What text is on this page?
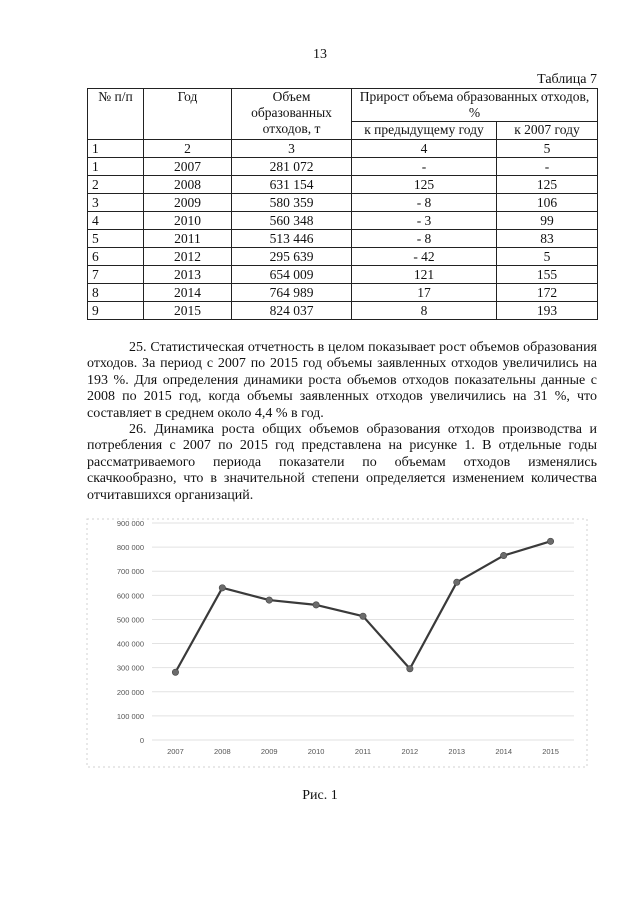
13
Таблица 7
№ п/п	Год	Объем образованных отходов, т	Прирост объема образованных отходов, %	
			к предыдущему году	к 2007 году
1	2	3	4	5
1	2007	281 072	-	-
2	2008	631 154	125	125
3	2009	580 359	- 8	106
4	2010	560 348	- 3	99
5	2011	513 446	- 8	83
6	2012	295 639	- 42	5
7	2013	654 009	121	155
8	2014	764 989	17	172
9	2015	824 037	8	193

25. Статистическая отчетность в целом показывает рост объемов образования отходов. За период с 2007 по 2015 год объемы заявленных отходов увеличились на 193 %. Для определения динамики роста объемов отходов показательны данные с 2008 по 2015 год, когда объемы заявленных отходов увеличились на 31 %, что составляет в среднем около 4,4 % в год.

26. Динамика роста общих объемов образования отходов производства и потребления с 2007 по 2015 год представлена на рисунке 1. В отдельные годы рассматриваемого периода показатели по объемам отходов изменялись скачкообразно, что в значительной степени определяется изменением количества отчитавшихся организаций.

0
100 000
200 000
300 000
400 000
500 000
600 000
700 000
800 000
900 000
2007	2008	2009	2010	2011	2012	2013	2014	2015
Рис. 1
